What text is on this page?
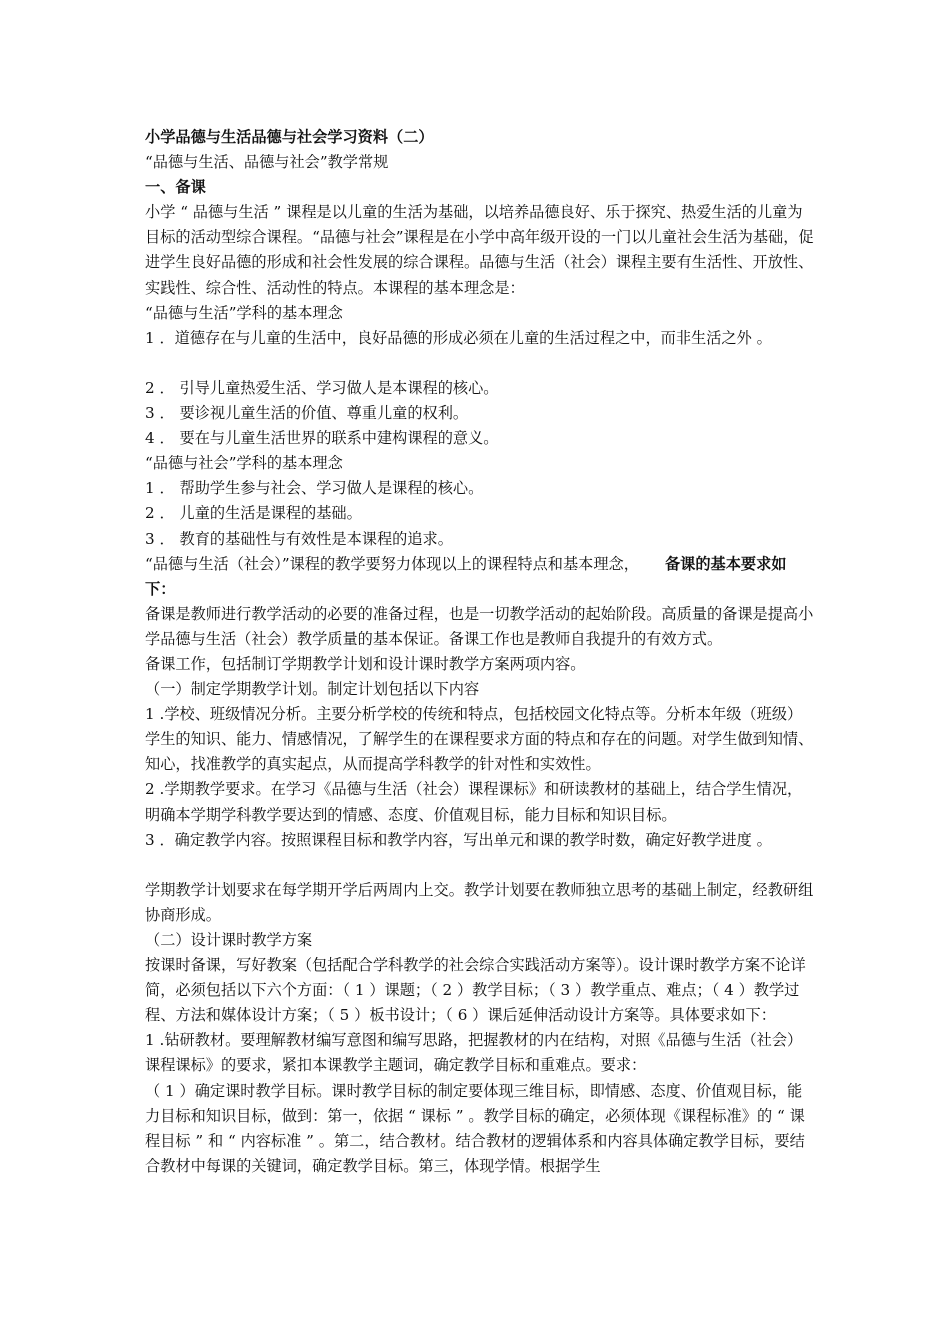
小学品德与生活品德与社会学习资料（二）

“品德与生活、品德与社会”教学常规

一、备课

小学 “ 品德与生活 ” 课程是以儿童的生活为基础，以培养品德良好、乐于探究、热爱生活的儿童为目标的活动型综合课程。“品德与社会”课程是在小学中高年级开设的一门以儿童社会生活为基础，促进学生良好品德的形成和社会性发展的综合课程。品德与生活（社会）课程主要有生活性、开放性、实践性、综合性、活动性的特点。本课程的基本理念是：

“品德与生活”学科的基本理念

1 ．道德存在与儿童的生活中，良好品德的形成必须在儿童的生活过程之中，而非生活之外 。

2 ． 引导儿童热爱生活、学习做人是本课程的核心。

3 ． 要诊视儿童生活的价值、尊重儿童的权利。

4 ． 要在与儿童生活世界的联系中建构课程的意义。

“品德与社会”学科的基本理念

1 ． 帮助学生参与社会、学习做人是课程的核心。

2 ． 儿童的生活是课程的基础。

3 ． 教育的基础性与有效性是本课程的追求。

“品德与生活（社会）”课程的教学要努力体现以上的课程特点和基本理念， 备课的基本要求如下：

备课是教师进行教学活动的必要的准备过程，也是一切教学活动的起始阶段。高质量的备课是提高小学品德与生活（社会）教学质量的基本保证。备课工作也是教师自我提升的有效方式。

备课工作，包括制订学期教学计划和设计课时教学方案两项内容。

（一）制定学期教学计划。制定计划包括以下内容

1 .学校、班级情况分析。主要分析学校的传统和特点，包括校园文化特点等。分析本年级（班级）学生的知识、能力、情感情况，了解学生的在课程要求方面的特点和存在的问题。对学生做到知情、知心，找准教学的真实起点，从而提高学科教学的针对性和实效性。

2 .学期教学要求。在学习《品德与生活（社会）课程课标》和研读教材的基础上，结合学生情况，明确本学期学科教学要达到的情感、态度、价值观目标，能力目标和知识目标。

3 ．确定教学内容。按照课程目标和教学内容，写出单元和课的教学时数，确定好教学进度 。

学期教学计划要求在每学期开学后两周内上交。教学计划要在教师独立思考的基础上制定，经教研组协商形成。

（二）设计课时教学方案

按课时备课，写好教案（包括配合学科教学的社会综合实践活动方案等）。设计课时教学方案不论详简，必须包括以下六个方面：（ 1 ）课题；（ 2 ）教学目标；（ 3 ）教学重点、难点；（ 4 ）教学过程、方法和媒体设计方案；（ 5 ）板书设计；（ 6 ）课后延伸活动设计方案等。具体要求如下：

1 .钻研教材。要理解教材编写意图和编写思路，把握教材的内在结构，对照《品德与生活（社会）课程课标》的要求，紧扣本课教学主题词，确定教学目标和重难点。要求：

（ 1 ）确定课时教学目标。课时教学目标的制定要体现三维目标，即情感、态度、价值观目标，能力目标和知识目标，做到：第一，依据 “ 课标 ” 。教学目标的确定，必须体现《课程标准》的 “ 课程目标 ” 和 “ 内容标准 ” 。第二，结合教材。结合教材的逻辑体系和内容具体确定教学目标，要结合教材中每课的关键词，确定教学目标。第三，体现学情。根据学生
